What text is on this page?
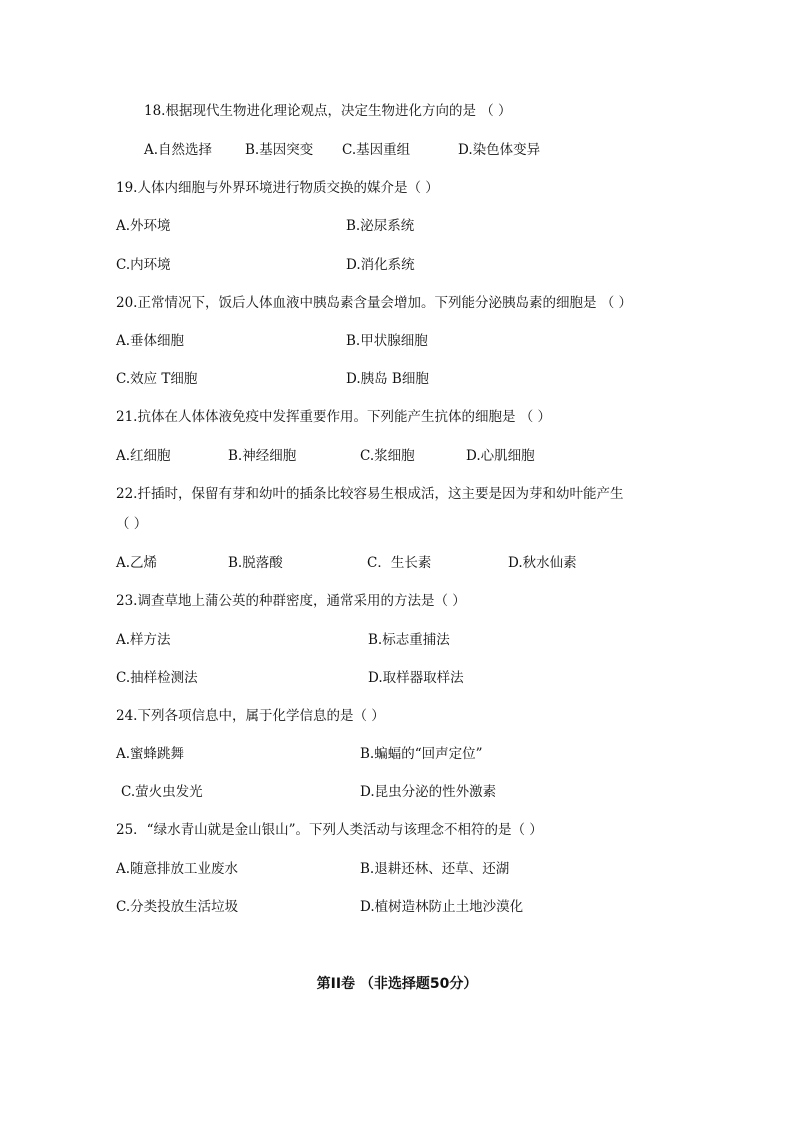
18.根据现代生物进化理论观点，决定生物进化方向的是 （ ）
A.自然选择 B.基因突变 C.基因重组	D.染色体变异
19.人体内细胞与外界环境进行物质交换的媒介是（ ）
A.外环境	B.泌尿系统
C.内环境	D.消化系统
20.正常情况下，饭后人体血液中胰岛素含量会增加。下列能分泌胰岛素的细胞是 （ ）
A.垂体细胞	B.甲状腺细胞
C.效应 T细胞	D.胰岛 B细胞
21.抗体在人体体液免疫中发挥重要作用。下列能产生抗体的细胞是 （ ）
A.红细胞	B.神经细胞	C.浆细胞	D.心肌细胞
22.扦插时，保留有芽和幼叶的插条比较容易生根成活，这主要是因为芽和幼叶能产生
（ ）
A.乙烯	B.脱落酸	C．生长素	D.秋水仙素
23.调查草地上蒲公英的种群密度，通常采用的方法是（ ）
A.样方法	B.标志重捕法
C.抽样检测法	D.取样器取样法
24.下列各项信息中，属于化学信息的是（ ）
A.蜜蜂跳舞	B.蝙蝠的“回声定位”
C.萤火虫发光	D.昆虫分泌的性外激素
25．“绿水青山就是金山银山”。下列人类活动与该理念不相符的是（ ）
A.随意排放工业废水	B.退耕还林、还草、还湖
C.分类投放生活垃圾	D.植树造林防止土地沙漠化
第II卷 （非选择题50分）
